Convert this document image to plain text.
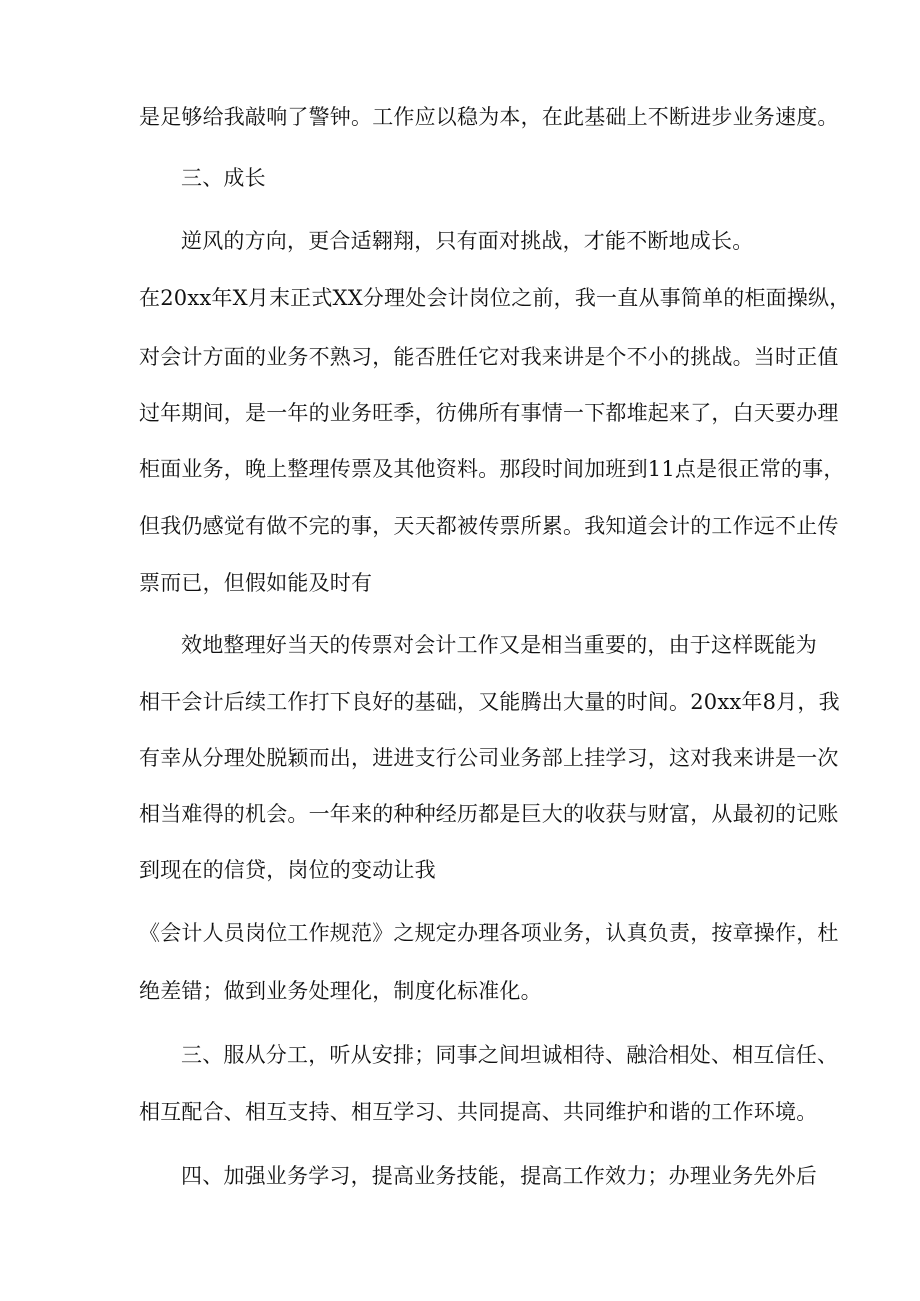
是足够给我敲响了警钟。工作应以稳为本，在此基础上不断进步业务速度。
三、成长
逆风的方向，更合适翱翔，只有面对挑战，才能不断地成长。
在20xx年X月末正式XX分理处会计岗位之前，我一直从事简单的柜面操纵，
对会计方面的业务不熟习，能否胜任它对我来讲是个不小的挑战。当时正值
过年期间，是一年的业务旺季，彷佛所有事情一下都堆起来了，白天要办理
柜面业务，晚上整理传票及其他资料。那段时间加班到11点是很正常的事，
但我仍感觉有做不完的事，天天都被传票所累。我知道会计的工作远不止传
票而已，但假如能及时有
效地整理好当天的传票对会计工作又是相当重要的，由于这样既能为
相干会计后续工作打下良好的基础，又能腾出大量的时间。20xx年8月，我
有幸从分理处脱颖而出，进进支行公司业务部上挂学习，这对我来讲是一次
相当难得的机会。一年来的种种经历都是巨大的收获与财富，从最初的记账
到现在的信贷，岗位的变动让我
《会计人员岗位工作规范》之规定办理各项业务，认真负责，按章操作，杜
绝差错；做到业务处理化，制度化标准化。
三、服从分工，听从安排；同事之间坦诚相待、融洽相处、相互信任、
相互配合、相互支持、相互学习、共同提高、共同维护和谐的工作环境。
四、加强业务学习，提高业务技能，提高工作效力；办理业务先外后
